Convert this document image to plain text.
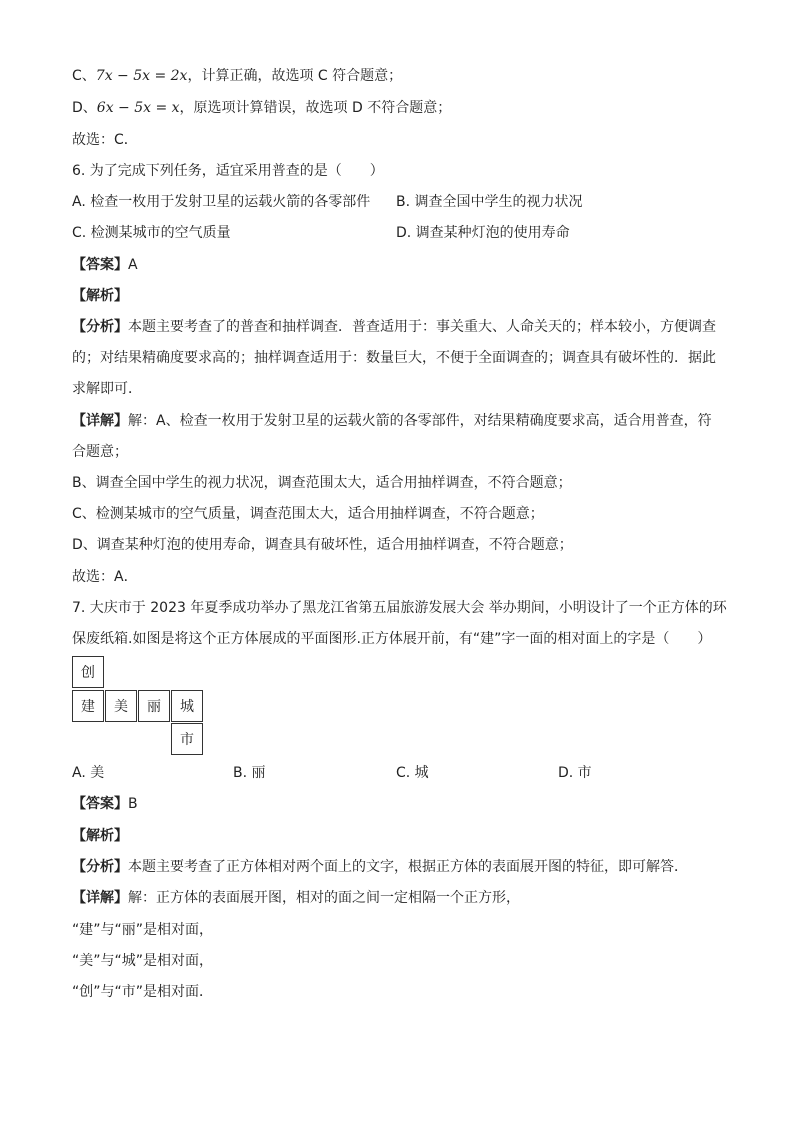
C、7x − 5x = 2x，计算正确，故选项 C 符合题意；
D、6x − 5x = x，原选项计算错误，故选项 D 不符合题意；
故选：C．
6. 为了完成下列任务，适宜采用普查的是（　　）
A. 检查一枚用于发射卫星的运载火箭的各零部件 B. 调查全国中学生的视力状况
C. 检测某城市的空气质量	D. 调查某种灯泡的使用寿命
【答案】A
【解析】
【分析】本题主要考查了的普查和抽样调查．普查适用于：事关重大、人命关天的；样本较小，方便调查
的；对结果精确度要求高的；抽样调查适用于：数量巨大，不便于全面调查的；调查具有破坏性的．据此
求解即可．
【详解】解：A、检查一枚用于发射卫星的运载火箭的各零部件，对结果精确度要求高，适合用普查，符
合题意；
B、调查全国中学生的视力状况，调查范围太大，适合用抽样调查，不符合题意；
C、检测某城市的空气质量，调查范围太大，适合用抽样调查，不符合题意；
D、调查某种灯泡的使用寿命，调查具有破坏性，适合用抽样调查，不符合题意；
故选：A．
7. 大庆市于 2023 年夏季成功举办了黑龙江省第五届旅游发展大会 举办期间，小明设计了一个正方体的环
保废纸箱.如图是将这个正方体展成的平面图形.正方体展开前，有“建”字一面的相对面上的字是（　　）
创
建	美	丽	城
市
A. 美	B. 丽	C. 城	D. 市
【答案】B
【解析】
【分析】本题主要考查了正方体相对两个面上的文字，根据正方体的表面展开图的特征，即可解答．
【详解】解：正方体的表面展开图，相对的面之间一定相隔一个正方形，
“建”与“丽”是相对面，
“美”与“城”是相对面，
“创”与“市”是相对面．
